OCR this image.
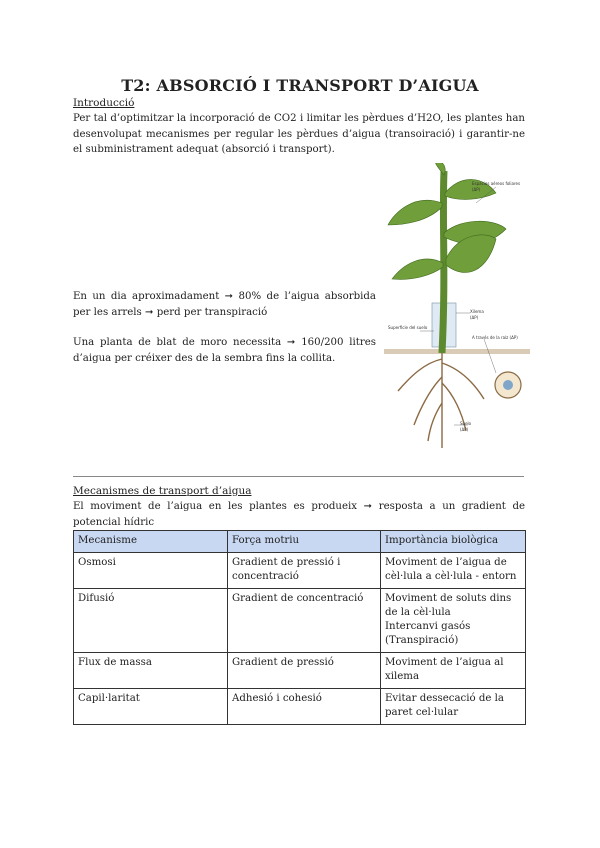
T2: ABSORCIÓ I TRANSPORT D’AIGUA
Introducció
Per tal d’optimitzar la incorporació de CO2 i limitar les pèrdues d’H2O, les plantes han desenvolupat mecanismes per regular les pèrdues d’aigua (transoiració) i garantir-ne el subministrament adequat (absorció i transport).
En un dia aproximadament ➞ 80% de l’aigua absorbida per les arrels ➞ perd per transpiració
Una planta de blat de moro necessita ➞ 160/200 litres d’aigua per créixer des de la sembra fins la collita.
Espacios aéreos foliares
(ΔP)
Xilema
(ΔP)
Superficie del suelo
A través de la raíz (ΔP)
Suelo
(ΔP)
Mecanismes de transport d’aigua
El moviment de l’aigua en les plantes es produeix ➞ resposta a un gradient de potencial hídric
Mecanisme	Força motriu	Importància biològica
Osmosi	Gradient de pressió i concentració	Moviment de l’aigua de cèl·lula a cèl·lula - entorn
Difusió	Gradient de concentració	Moviment de soluts dins de la cèl·lula
Intercanvi gasós (Transpiració)
Flux de massa	Gradient de pressió	Moviment de l’aigua al xilema
Capil·laritat	Adhesió i cohesió	Evitar dessecació de la paret cel·lular
